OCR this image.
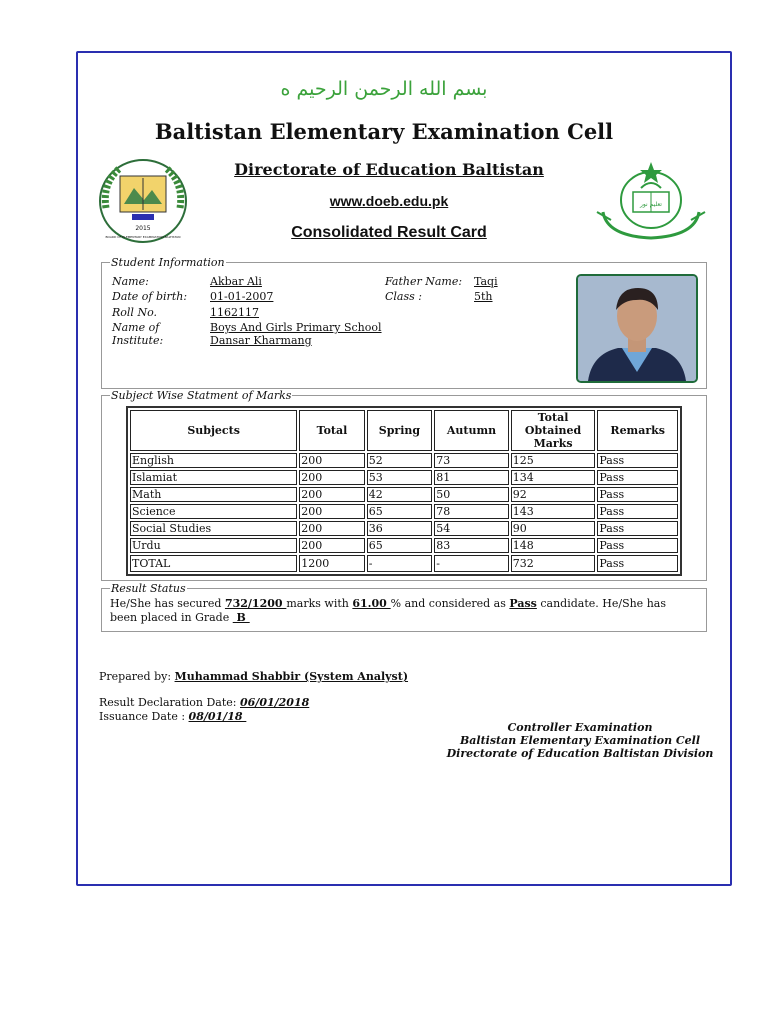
بسم الله الرحمن الرحيم ه
Baltistan Elementary Examination Cell
Directorate of Education Baltistan
www.doeb.edu.pk
Consolidated Result Card
2015
BOARD OF ELEMENTARY EXAMINATION BALTISTAN
تعلیم نور
Student Information
Name:	Akbar Ali	Father Name: Taqi
Date of birth: 01-01-2007	Class :	5th
Roll No.	1162117
Name of
Institute:
Boys And Girls Primary School
Dansar Kharmang
Subject Wise Statment of Marks
Subjects	Total	Spring	Autumn	Total Obtained Marks	Remarks
English	200	52	73	125	Pass
Islamiat	200	53	81	134	Pass
Math	200	42	50	92	Pass
Science	200	65	78	143	Pass
Social Studies	200	36	54	90	Pass
Urdu	200	65	83	148	Pass
TOTAL	1200	-	-	732	Pass
Result Status
He/She has secured 732/1200 marks with 61.00 % and considered as Pass candidate. He/She has been placed in Grade  B
Prepared by: Muhammad Shabbir (System Analyst)
Result Declaration Date: 06/01/2018
Issuance Date : 08/01/18
Controller Examination
Baltistan Elementary Examination Cell
Directorate of Education Baltistan Division
